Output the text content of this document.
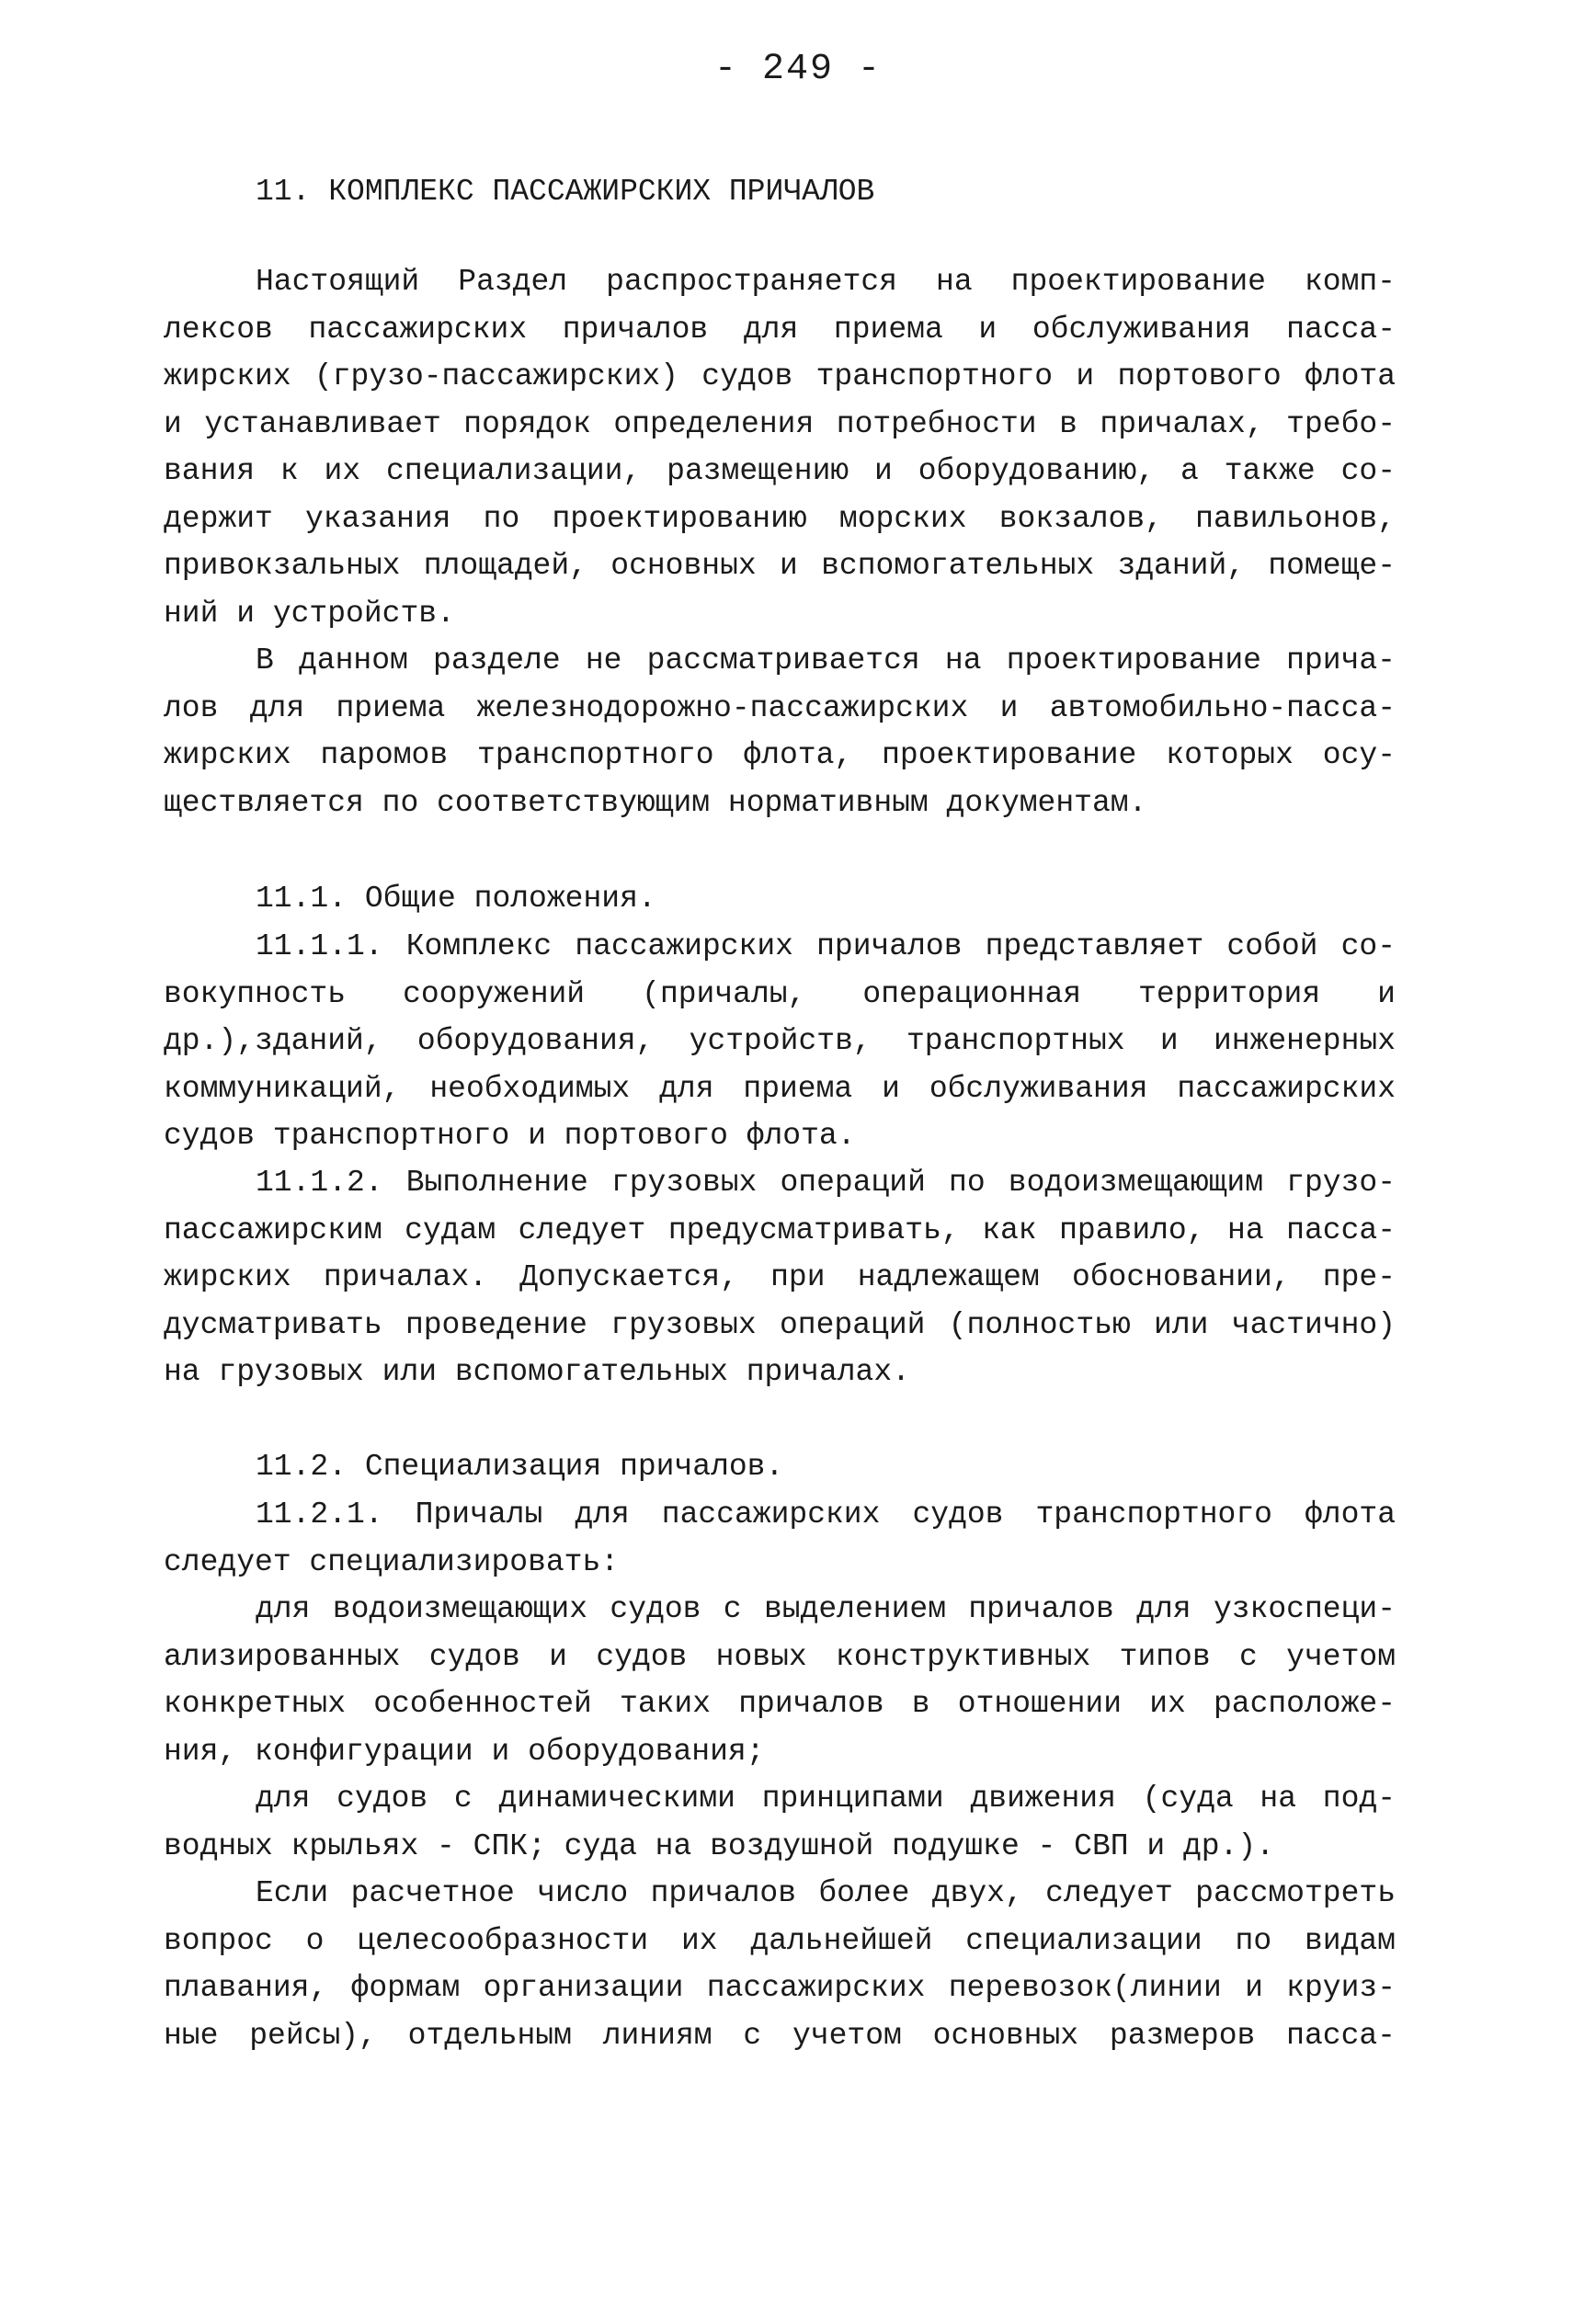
- 249 -
11. КОМПЛЕКС ПАССАЖИРСКИХ ПРИЧАЛОВ
Настоящий Раздел распространяется на проектирование комп-
лексов пассажирских причалов для приема и обслуживания пасса-
жирских (грузо-пассажирских) судов транспортного и портового флота
и устанавливает порядок определения потребности в причалах, требо-
вания к их специализации, размещению и оборудованию, а также со-
держит указания по проектированию морских вокзалов, павильонов,
привокзальных площадей, основных и вспомогательных зданий, помеще-
ний и устройств.
В данном разделе не рассматривается на проектирование прича-
лов для приема железнодорожно-пассажирских и автомобильно-пасса-
жирских паромов транспортного флота, проектирование которых осу-
ществляется по соответствующим нормативным документам.
11.1. Общие положения.
11.1.1. Комплекс пассажирских причалов представляет собой со-
вокупность сооружений (причалы, операционная территория и
др.),зданий, оборудования, устройств, транспортных и инженерных
коммуникаций, необходимых для приема и обслуживания пассажирских
судов транспортного и портового флота.
11.1.2. Выполнение грузовых операций по водоизмещающим грузо-
пассажирским судам следует предусматривать, как правило, на пасса-
жирских причалах. Допускается, при надлежащем обосновании, пре-
дусматривать проведение грузовых операций (полностью или частично)
на грузовых или вспомогательных причалах.
11.2. Специализация причалов.
11.2.1. Причалы для пассажирских судов транспортного флота
следует специализировать:
для водоизмещающих судов с выделением причалов для узкоспеци-
ализированных судов и судов новых конструктивных типов с учетом
конкретных особенностей таких причалов в отношении их расположе-
ния, конфигурации и оборудования;
для судов с динамическими принципами движения (суда на под-
водных крыльях - СПК; суда на воздушной подушке - СВП и др.).
Если расчетное число причалов более двух, следует рассмотреть
вопрос о целесообразности их дальнейшей специализации по видам
плавания, формам организации пассажирских перевозок(линии и круиз-
ные рейсы), отдельным линиям с учетом основных размеров пасса-
